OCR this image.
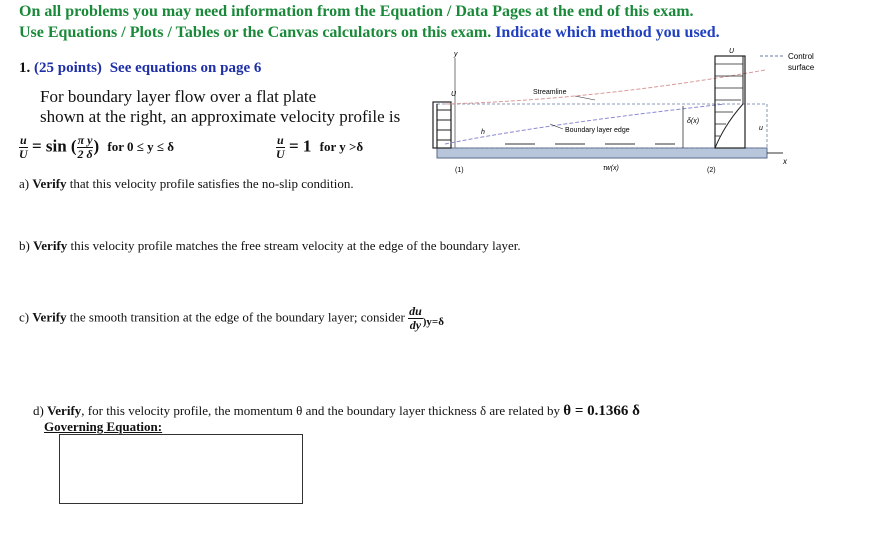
On all problems you may need information from the Equation / Data Pages at the end of this exam.
Use Equations / Plots / Tables or the Canvas calculators on this exam. Indicate which method you used.
1. (25 points) See equations on page 6
For boundary layer flow over a flat plate
shown at the right, an approximate velocity profile is
$\frac{u}{U} = \sin$ ( $\frac{\text{π y}}{2 \delta}$ ) for 0 ≤ y ≤ δ	$\frac{u}{U} = 1$ for y >δ
a) Verify that this velocity profile satisfies the no-slip condition.
b) Verify this velocity profile matches the free stream velocity at the edge of the boundary layer.
c) Verify the smooth transition at the edge of the boundary layer; consider $\frac{du}{dy} _{)y=\delta}$
d) Verify, for this velocity profile, the momentum θ and the boundary layer thickness δ are related by θ = 0.1366 δ
Governing Equation:
x
y
U
(1)
Streamline
Boundary layer edge
h
δ(x)
τw(x)
U
u
(2)
Control
surface
